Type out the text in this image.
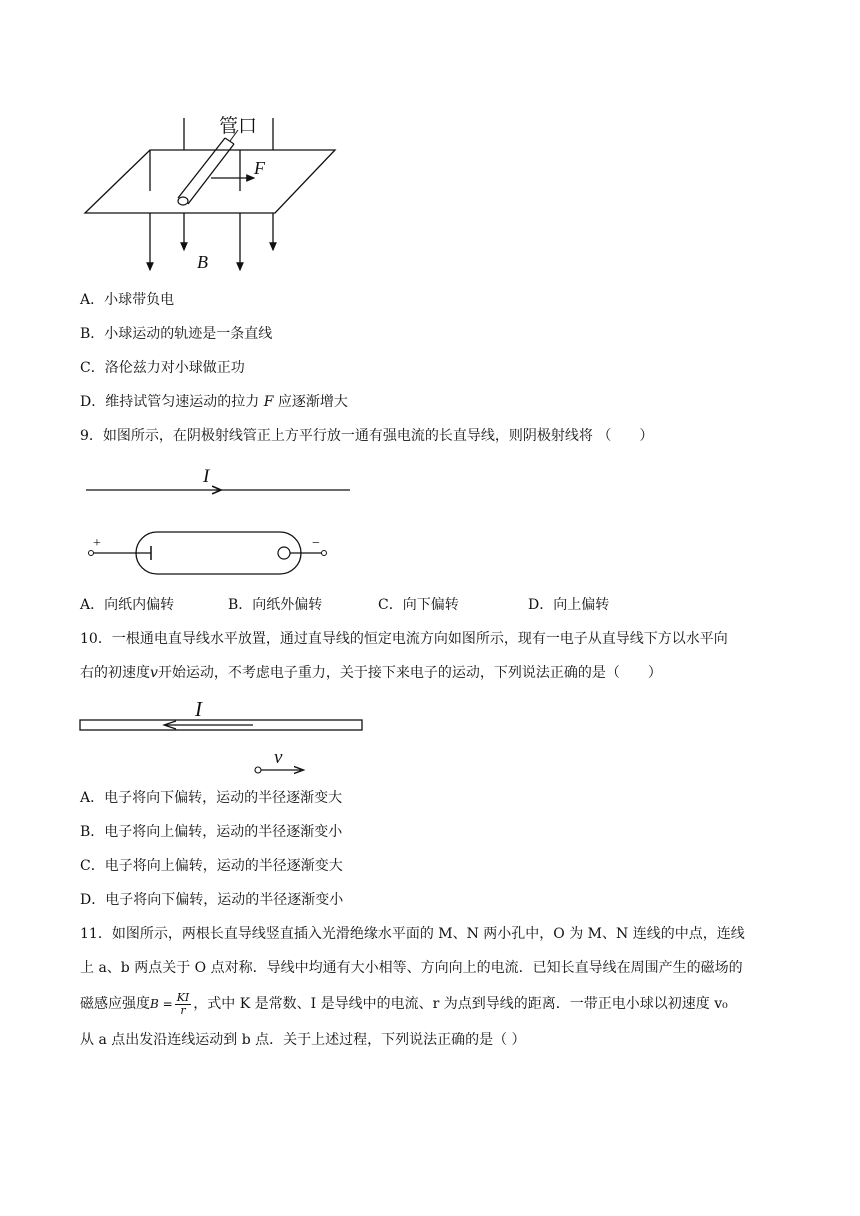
管口
F
B
A．小球带负电
B．小球运动的轨迹是一条直线
C．洛伦兹力对小球做正功
D．维持试管匀速运动的拉力 F 应逐渐增大
9．如图所示，在阴极射线管正上方平行放一通有强电流的长直导线，则阴极射线将 （　　）
I
+	−
A．向纸内偏转	B．向纸外偏转	C．向下偏转	D．向上偏转
10．一根通电直导线水平放置，通过直导线的恒定电流方向如图所示，现有一电子从直导线下方以水平向
右的初速度v开始运动，不考虑电子重力，关于接下来电子的运动，下列说法正确的是（　　）
I
v
A．电子将向下偏转，运动的半径逐渐变大
B．电子将向上偏转，运动的半径逐渐变小
C．电子将向上偏转，运动的半径逐渐变大
D．电子将向下偏转，运动的半径逐渐变小
11．如图所示，两根长直导线竖直插入光滑绝缘水平面的 M、N 两小孔中，O 为 M、N 连线的中点，连线
上 a、b 两点关于 O 点对称．导线中均通有大小相等、方向向上的电流．已知长直导线在周围产生的磁场的
磁感应强度$B = \frac{KI}{r}$ ，式中 K 是常数、I 是导线中的电流、r 为点到导线的距离．一带正电小球以初速度 v₀
从 a 点出发沿连线运动到 b 点．关于上述过程，下列说法正确的是（ ）
